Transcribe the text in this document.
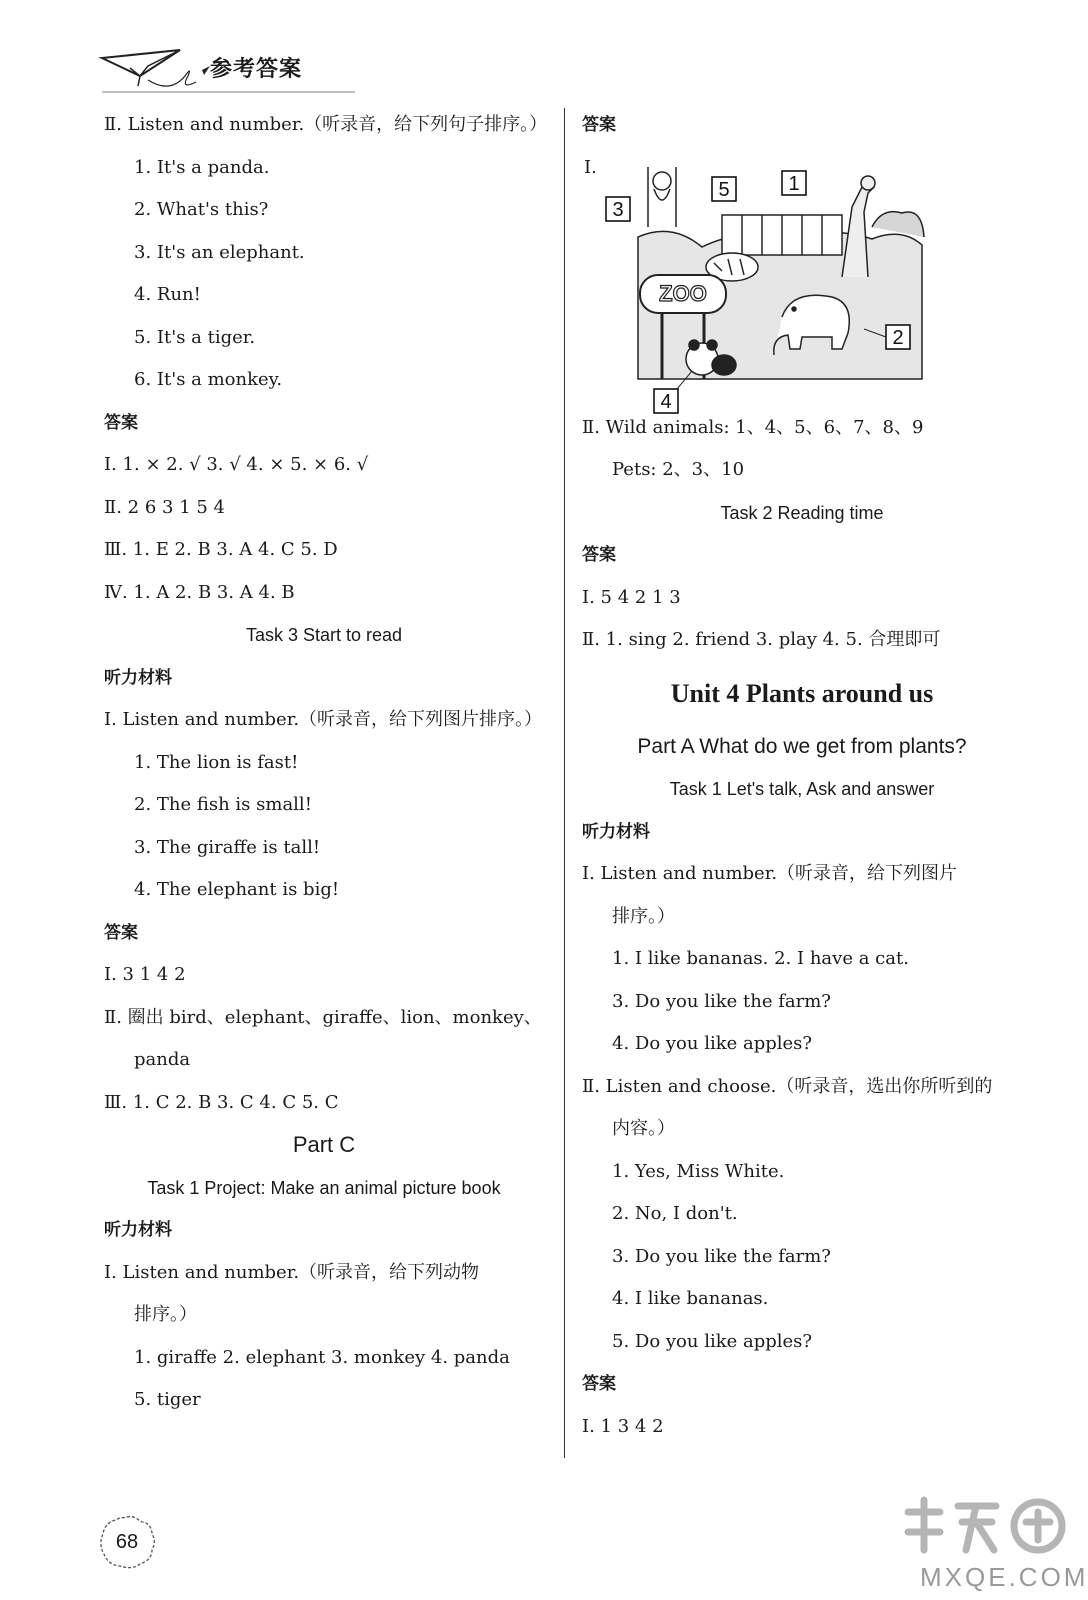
参考答案
Ⅱ. Listen and number.（听录音，给下列句子排序。）
1. It's a panda.
2. What's this?
3. It's an elephant.
4. Run!
5. It's a tiger.
6. It's a monkey.
答案
Ⅰ. 1. × 2. √ 3. √ 4. × 5. × 6. √
Ⅱ. 2 6 3 1 5 4
Ⅲ. 1. E 2. B 3. A 4. C 5. D
Ⅳ. 1. A 2. B 3. A 4. B
Task 3 Start to read
听力材料
Ⅰ. Listen and number.（听录音，给下列图片排序。）
1. The lion is fast!
2. The fish is small!
3. The giraffe is tall!
4. The elephant is big!
答案
Ⅰ. 3 1 4 2
Ⅱ. 圈出 bird、elephant、giraffe、lion、monkey、
panda
Ⅲ. 1. C 2. B 3. C 4. C 5. C
Part C
Task 1 Project: Make an animal picture book
听力材料
Ⅰ. Listen and number.（听录音，给下列动物
排序。）
1. giraffe 2. elephant 3. monkey 4. panda
5. tiger
答案
Ⅰ.
ZOO
3
5	1
2
4
Ⅱ. Wild animals: 1、4、5、6、7、8、9
Pets: 2、3、10
Task 2 Reading time
答案
Ⅰ. 5 4 2 1 3
Ⅱ. 1. sing 2. friend 3. play 4. 5. 合理即可
Unit 4 Plants around us
Part A What do we get from plants?
Task 1 Let's talk, Ask and answer
听力材料
Ⅰ. Listen and number.（听录音，给下列图片
排序。）
1. I like bananas. 2. I have a cat.
3. Do you like the farm?
4. Do you like apples?
Ⅱ. Listen and choose.（听录音，选出你所听到的
内容。）
1. Yes, Miss White.
2. No, I don't.
3. Do you like the farm?
4. I like bananas.
5. Do you like apples?
答案
Ⅰ. 1 3 4 2
68
MXQE.COM
